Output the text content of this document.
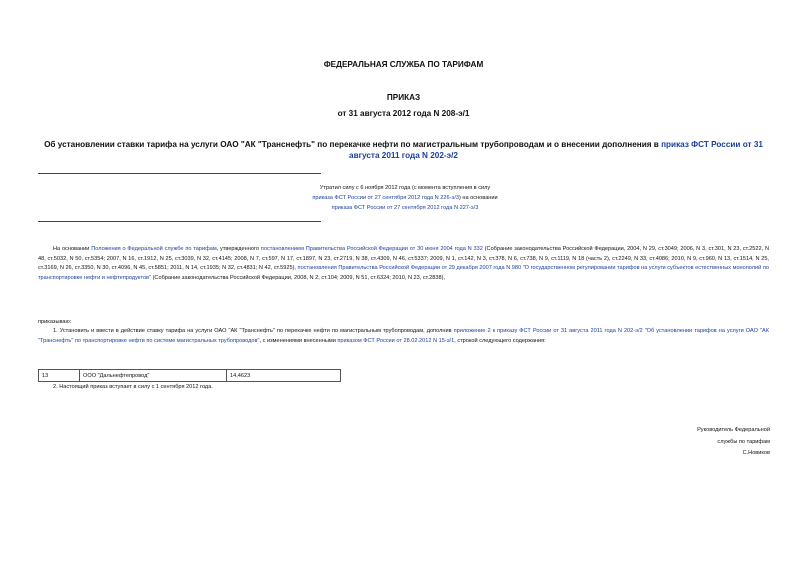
ФЕДЕРАЛЬНАЯ СЛУЖБА ПО ТАРИФАМ
ПРИКАЗ
от 31 августа 2012 года N 208-э/1
Об установлении ставки тарифа на услуги ОАО "АК "Транснефть" по перекачке нефти по магистральным трубопроводам и о внесении дополнения в приказ ФСТ России от 31 августа 2011 года N 202-э/2
Утратил силу с 6 ноября 2012 года (с момента вступления в силу
приказа ФСТ России от 27 сентября 2012 года N 226-э/3) на основании
приказа ФСТ России от 27 сентября 2012 года N 227-э/3
На основании Положения о Федеральной службе по тарифам, утвержденного постановлением Правительства Российской Федерации от 30 июня 2004 года N 332 (Собрание законодательства Российской Федерации, 2004, N 29, ст.3049; 2006, N 3, ст.301, N 23, ст.2522, N 48, ст.5032, N 50, ст.5354; 2007, N 16, ст.1912, N 25, ст.3039, N 32, ст.4145; 2008, N 7, ст.597, N 17, ст.1897, N 23, ст.2719, N 38, ст.4309, N 46, ст.5337; 2009, N 1, ст.142, N 3, ст.378, N 6, ст.738, N 9, ст.1119, N 18 (часть 2), ст.2249, N 33, ст.4086; 2010, N 9, ст.960, N 13, ст.1514, N 25, ст.3169, N 26, ст.3350, N 30, ст.4096, N 45, ст.5851; 2011, N 14, ст.1935; N 32, ст.4831; N 42, ст.5925), постановления Правительства Российской Федерации от 29 декабря 2007 года N 980 "О государственном регулировании тарифов на услуги субъектов естественных монополий по транспортировке нефти и нефтепродуктов" (Собрание законодательства Российской Федерации, 2008, N 2, ст.104; 2009, N 51, ст.6324; 2010, N 23, ст.2838),
приказываю:
1. Установить и ввести в действие ставку тарифа на услуги ОАО "АК "Транснефть" по перекачке нефти по магистральным трубопроводам, дополнив приложение 2 к приказу ФСТ России от 31 августа 2011 года N 202-э/2 "Об установлении тарифов на услуги ОАО "АК "Транснефть" по транспортировке нефти по системе магистральных трубопроводов", с изменениями внесенными приказом ФСТ России от 28.02.2012 N 15-э/1, строкой следующего содержания:
13	ООО "Дальнефтепровод"	14,4623
2. Настоящий приказ вступает в силу с 1 сентября 2012 года.
Руководитель Федеральной
службы по тарифам
С.Новиков
